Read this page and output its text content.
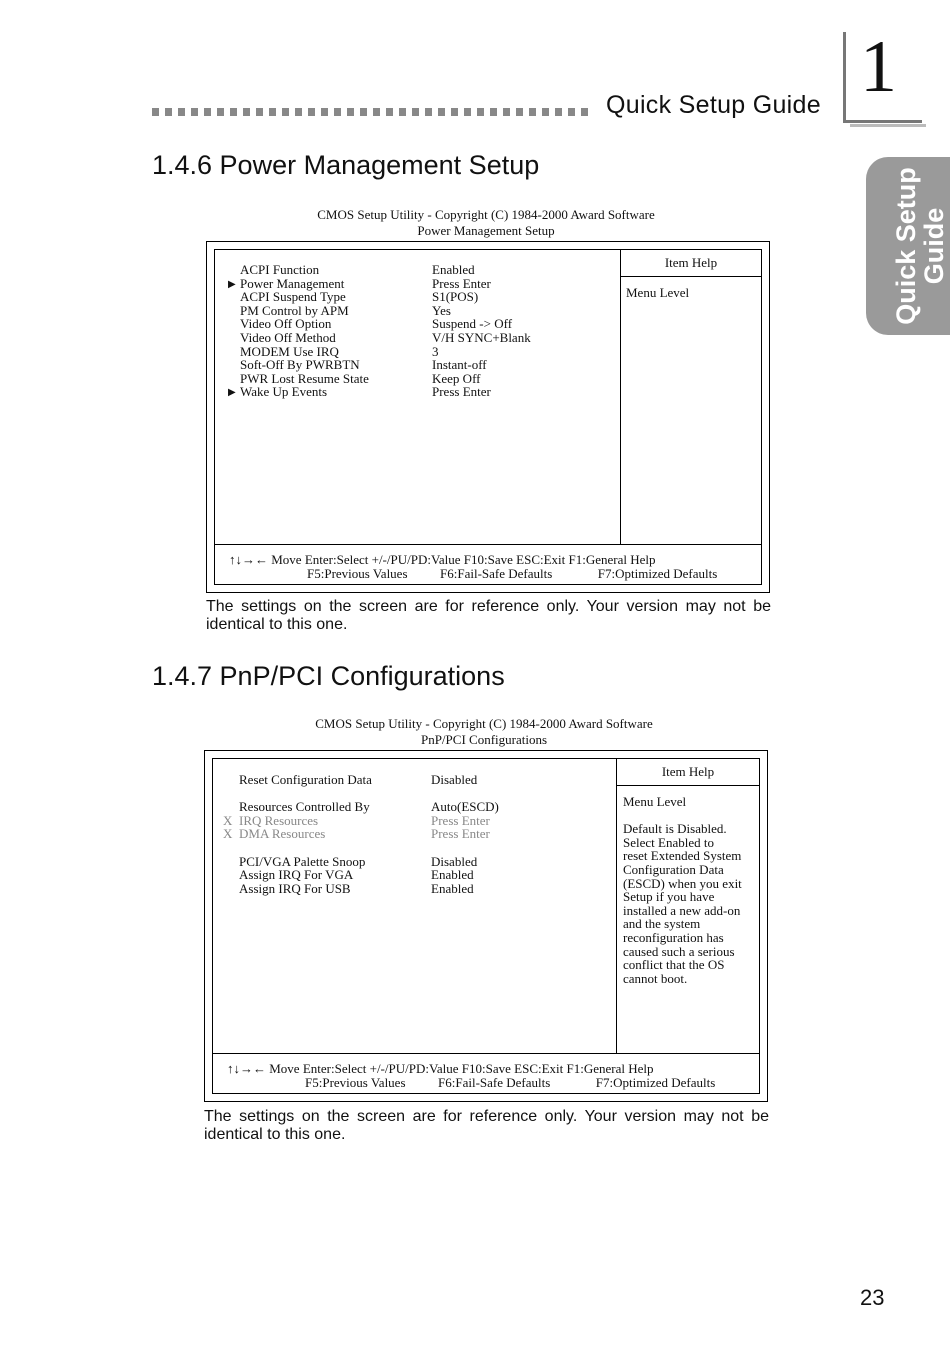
Quick Setup Guide 1
Quick Setup
Guide
1.4.6 Power Management Setup
CMOS Setup Utility - Copyright (C) 1984-2000 Award Software
Power Management Setup
ACPI Function	Enabled
▶ Power Management	Press Enter
ACPI Suspend Type	S1(POS)
PM Control by APM	Yes
Video Off Option	Suspend -> Off
Video Off Method	V/H SYNC+Blank
MODEM Use IRQ	3
Soft-Off By PWRBTN	Instant-off
PWR Lost Resume State	Keep Off
▶ Wake Up Events	Press Enter
Item Help
Menu Level
↑↓→← Move Enter:Select +/-/PU/PD:Value F10:Save ESC:Exit F1:General Help
F5:Previous Values          F6:Fail-Safe Defaults              F7:Optimized Defaults
The settings on the screen are for reference only. Your version may not be identical to this one.
1.4.7 PnP/PCI Configurations
CMOS Setup Utility - Copyright (C) 1984-2000 Award Software
PnP/PCI Configurations
Reset Configuration Data	Disabled
Resources Controlled By	Auto(ESCD)
X IRQ Resources	Press Enter
X DMA Resources	Press Enter
PCI/VGA Palette Snoop	Disabled
Assign IRQ For VGA	Enabled
Assign IRQ For USB	Enabled
Item Help
Menu Level
Default is Disabled.
Select Enabled to
reset Extended System
Configuration Data
(ESCD) when you exit
Setup if you have
installed a new add-on
and the system
reconfiguration has
caused such a serious
conflict that the OS
cannot boot.
↑↓→← Move Enter:Select +/-/PU/PD:Value F10:Save ESC:Exit F1:General Help
F5:Previous Values          F6:Fail-Safe Defaults              F7:Optimized Defaults
The settings on the screen are for reference only. Your version may not be identical to this one.
23
